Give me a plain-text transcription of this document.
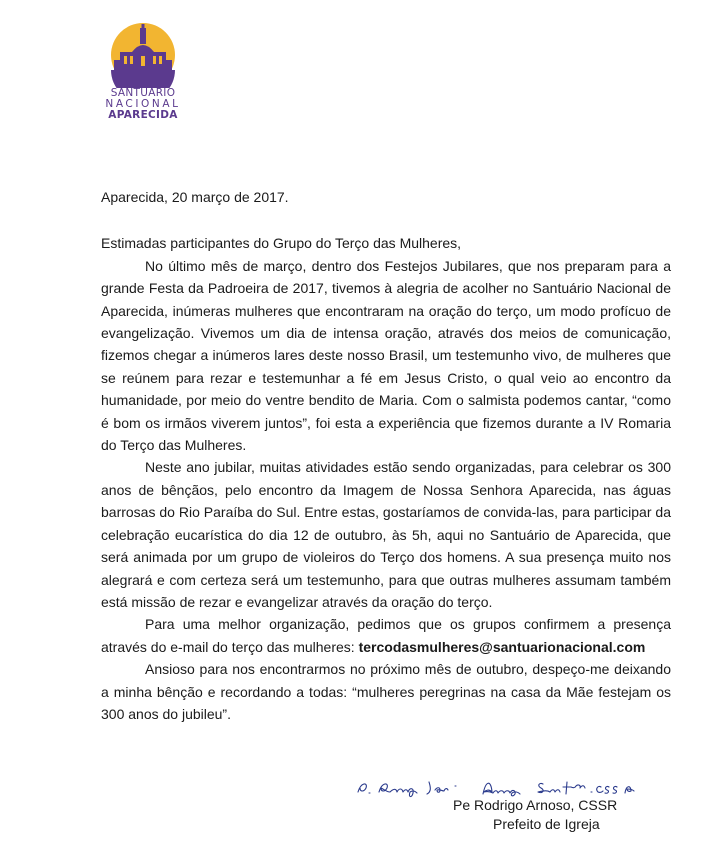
SANTUÁRIO
NACIONAL
APARECIDA

Aparecida, 20 março de 2017.

Estimadas participantes do Grupo do Terço das Mulheres,

No último mês de março, dentro dos Festejos Jubilares, que nos preparam para a grande Festa da Padroeira de 2017, tivemos à alegria de acolher no Santuário Nacional de Aparecida, inúmeras mulheres que encontraram na oração do terço, um modo profícuo de evangelização. Vivemos um dia de intensa oração, através dos meios de comunicação, fizemos chegar a inúmeros lares deste nosso Brasil, um testemunho vivo, de mulheres que se reúnem para rezar e testemunhar a fé em Jesus Cristo, o qual veio ao encontro da humanidade, por meio do ventre bendito de Maria. Com o salmista podemos cantar, “como é bom os irmãos viverem juntos”, foi esta a experiência que fizemos durante a IV Romaria do Terço das Mulheres.

Neste ano jubilar, muitas atividades estão sendo organizadas, para celebrar os 300 anos de bênçãos, pelo encontro da Imagem de Nossa Senhora Aparecida, nas águas barrosas do Rio Paraíba do Sul. Entre estas, gostaríamos de convida-las, para participar da celebração eucarística do dia 12 de outubro, às 5h, aqui no Santuário de Aparecida, que será animada por um grupo de violeiros do Terço dos homens. A sua presença muito nos alegrará e com certeza será um testemunho, para que outras mulheres assumam também está missão de rezar e evangelizar através da oração do terço.

Para uma melhor organização, pedimos que os grupos confirmem a presença através do e-mail do terço das mulheres: tercodasmulheres@santuarionacional.com

Ansioso para nos encontrarmos no próximo mês de outubro, despeço-me deixando a minha bênção e recordando a todas: “mulheres peregrinas na casa da Mãe festejam os 300 anos do jubileu”.

Pe Rodrigo Arnoso, CSSR
Prefeito de Igreja
